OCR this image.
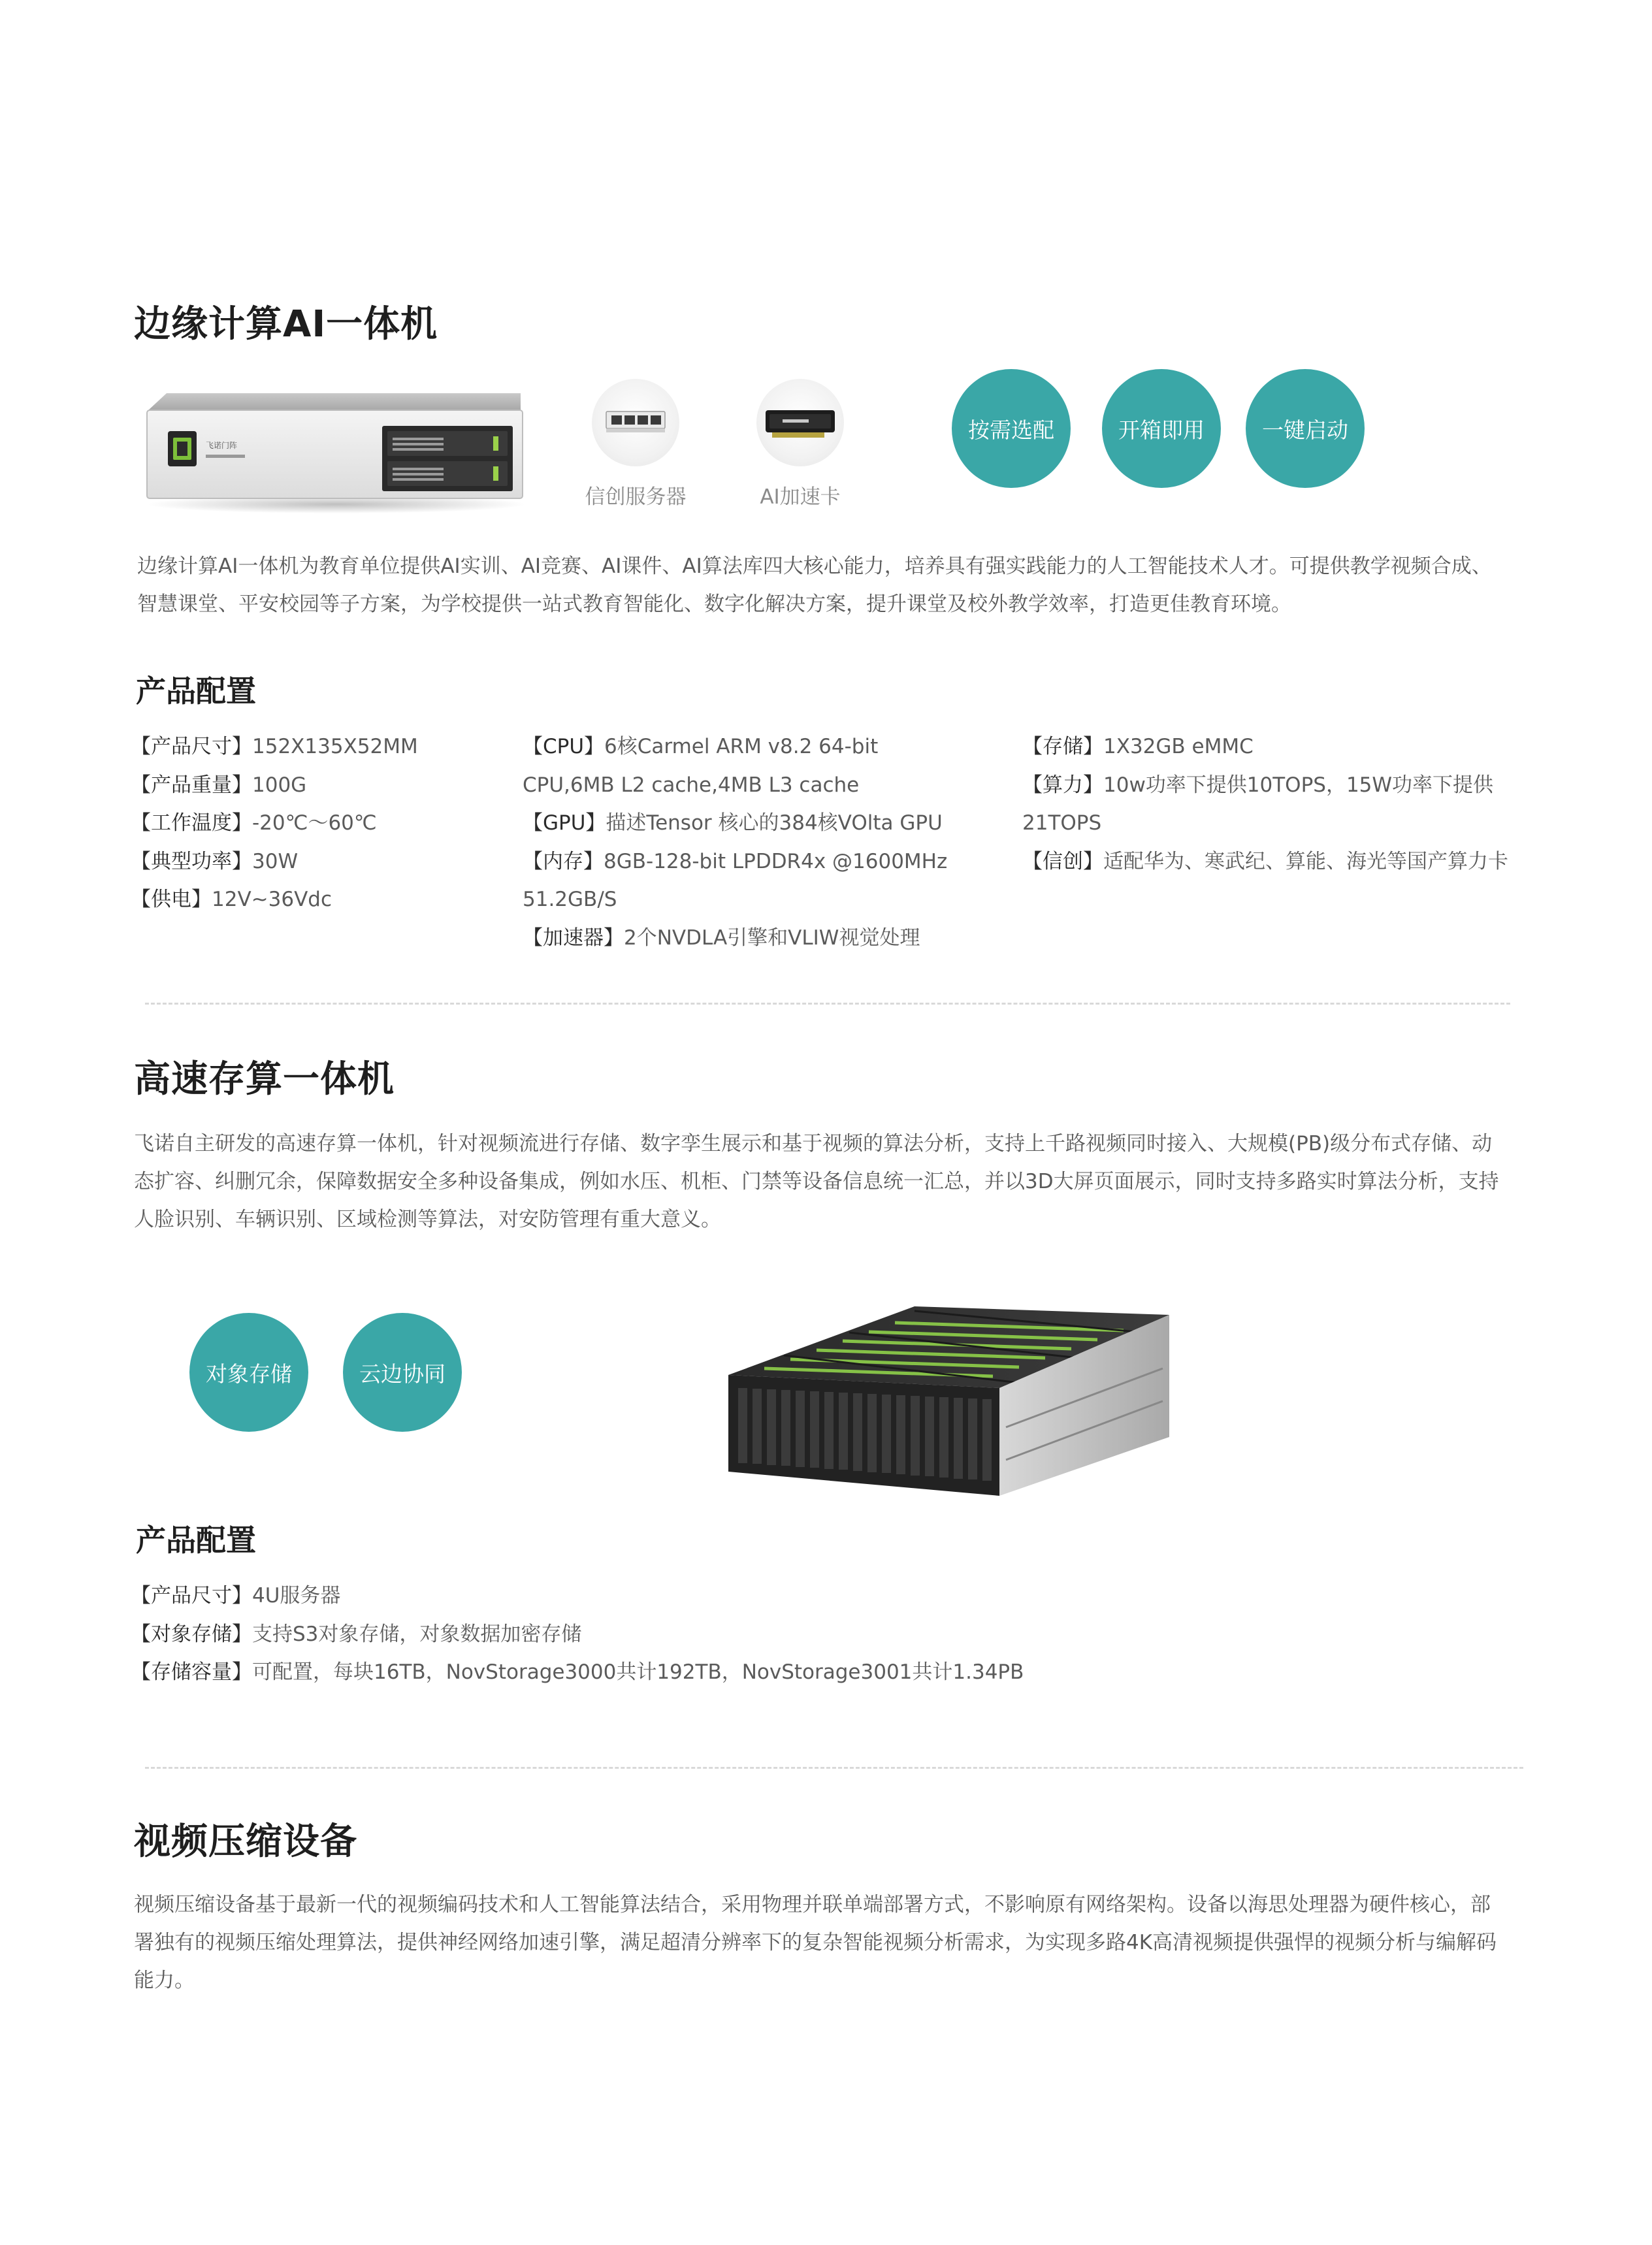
边缘计算AI一体机
飞诺门阵
信创服务器	AI加速卡
按需选配	开箱即用	一键启动
边缘计算AI一体机为教育单位提供AI实训、AI竞赛、AI课件、AI算法库四大核心能力，培养具有强实践能力的人工智能技术人才。可提供教学视频合成、智慧课堂、平安校园等子方案，为学校提供一站式教育智能化、数字化解决方案，提升课堂及校外教学效率，打造更佳教育环境。
产品配置
【产品尺寸】152X135X52MM
【产品重量】100G
【工作温度】-20℃～60℃
【典型功率】30W
【供电】12V~36Vdc
【CPU】6核Carmel ARM v8.2 64-bit
CPU,6MB L2 cache,4MB L3 cache
【GPU】描述Tensor 核心的384核VOlta GPU
【内存】8GB-128-bit LPDDR4x @1600MHz
51.2GB/S
【加速器】2个NVDLA引擎和VLIW视觉处理
【存储】1X32GB eMMC
【算力】10w功率下提供10TOPS，15W功率下提供
21TOPS
【信创】适配华为、寒武纪、算能、海光等国产算力卡
高速存算一体机
飞诺自主研发的高速存算一体机，针对视频流进行存储、数字孪生展示和基于视频的算法分析，支持上千路视频同时接入、大规模(PB)级分布式存储、动态扩容、纠删冗余，保障数据安全多种设备集成，例如水压、机柜、门禁等设备信息统一汇总，并以3D大屏页面展示，同时支持多路实时算法分析，支持人脸识别、车辆识别、区域检测等算法，对安防管理有重大意义。
对象存储	云边协同
产品配置
【产品尺寸】4U服务器
【对象存储】支持S3对象存储，对象数据加密存储
【存储容量】可配置，每块16TB，NovStorage3000共计192TB，NovStorage3001共计1.34PB
视频压缩设备
视频压缩设备基于最新一代的视频编码技术和人工智能算法结合，采用物理并联单端部署方式，不影响原有网络架构。设备以海思处理器为硬件核心，部署独有的视频压缩处理算法，提供神经网络加速引擎，满足超清分辨率下的复杂智能视频分析需求，为实现多路4K高清视频提供强悍的视频分析与编解码能力。
